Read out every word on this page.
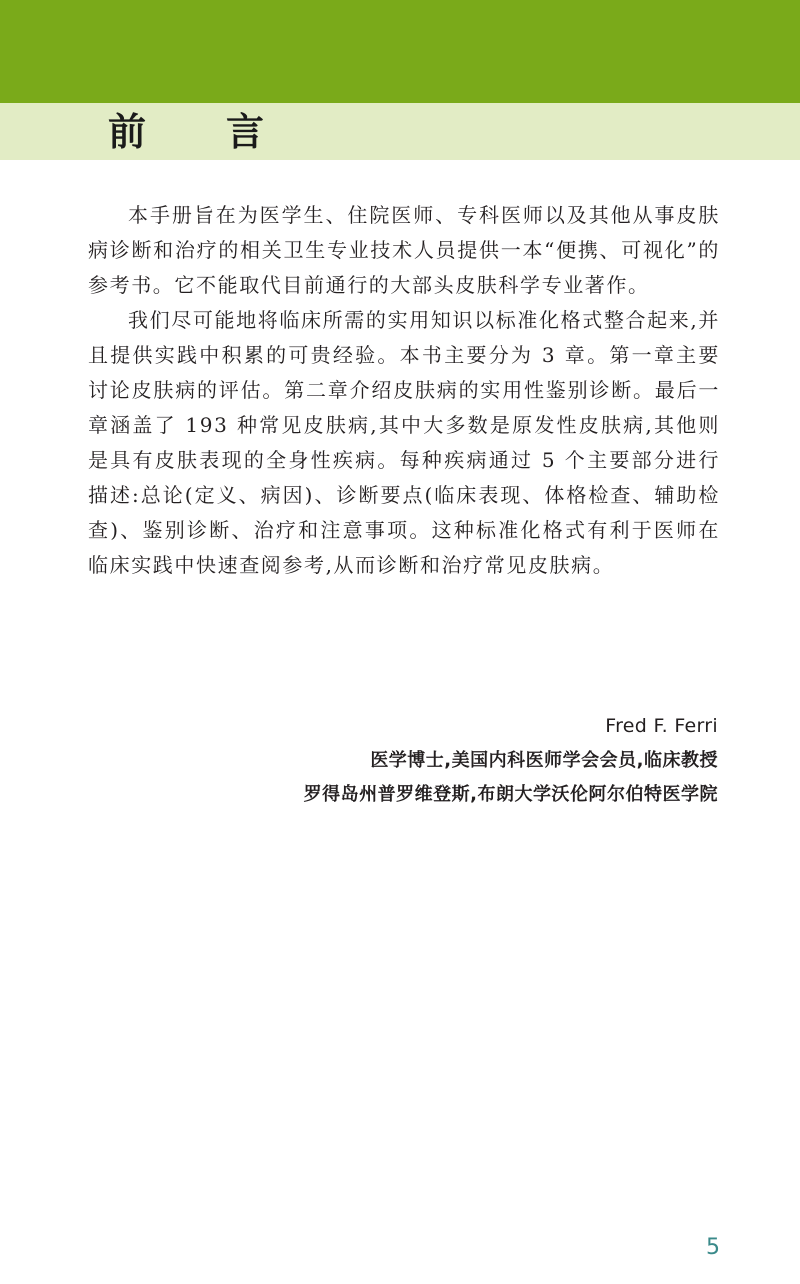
前言

本手册旨在为医学生、住院医师、专科医师以及其他从事皮肤病诊断和治疗的相关卫生专业技术人员提供一本“便携、可视化”的参考书。它不能取代目前通行的大部头皮肤科学专业著作。

我们尽可能地将临床所需的实用知识以标准化格式整合起来,并且提供实践中积累的可贵经验。本书主要分为 3 章。第一章主要讨论皮肤病的评估。第二章介绍皮肤病的实用性鉴别诊断。最后一章涵盖了 193 种常见皮肤病,其中大多数是原发性皮肤病,其他则是具有皮肤表现的全身性疾病。每种疾病通过 5 个主要部分进行描述:总论(定义、病因)、诊断要点(临床表现、体格检查、辅助检查)、鉴别诊断、治疗和注意事项。这种标准化格式有利于医师在临床实践中快速查阅参考,从而诊断和治疗常见皮肤病。

Fred F. Ferri
医学博士,美国内科医师学会会员,临床教授
罗得岛州普罗维登斯,布朗大学沃伦阿尔伯特医学院
5
